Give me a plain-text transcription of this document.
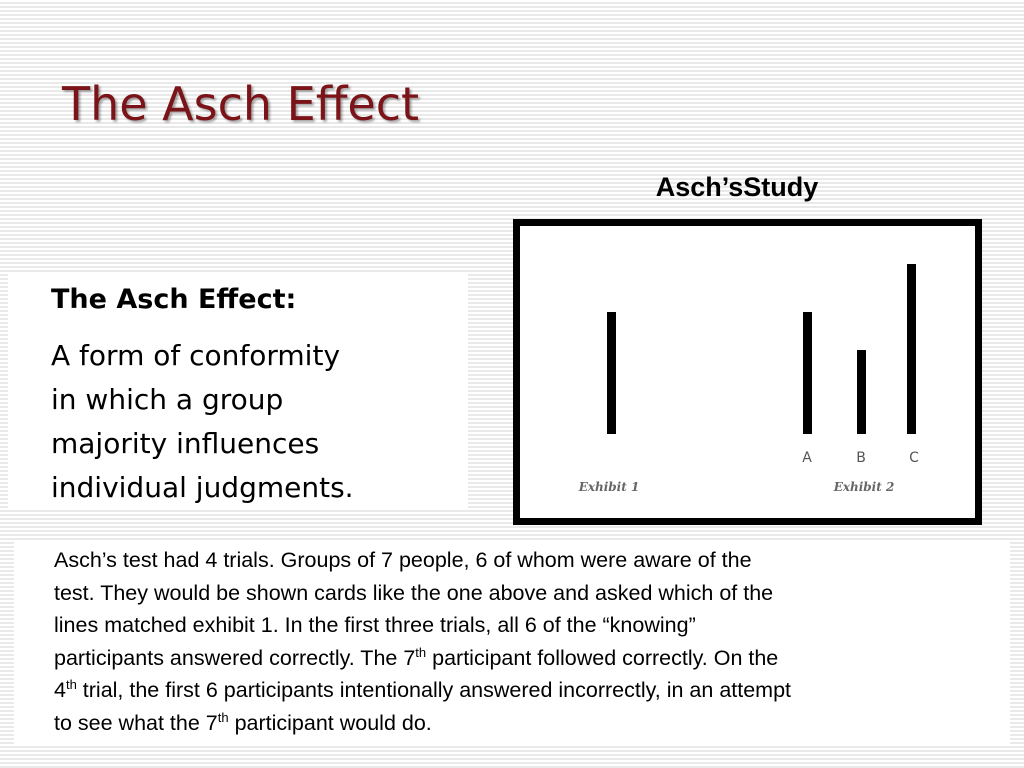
The Asch Effect
Asch’sStudy
The Asch Effect:
A form of conformity
in which a group
majority influences
individual judgments.
A	B	C
Exhibit 1	Exhibit 2

Asch’s test had 4 trials. Groups of 7 people, 6 of whom were aware of the
test. They would be shown cards like the one above and asked which of the
lines matched exhibit 1. In the first three trials, all 6 of the “knowing”
participants answered correctly. The 7th participant followed correctly. On the
4th trial, the first 6 participants intentionally answered incorrectly, in an attempt
to see what the 7th participant would do.
